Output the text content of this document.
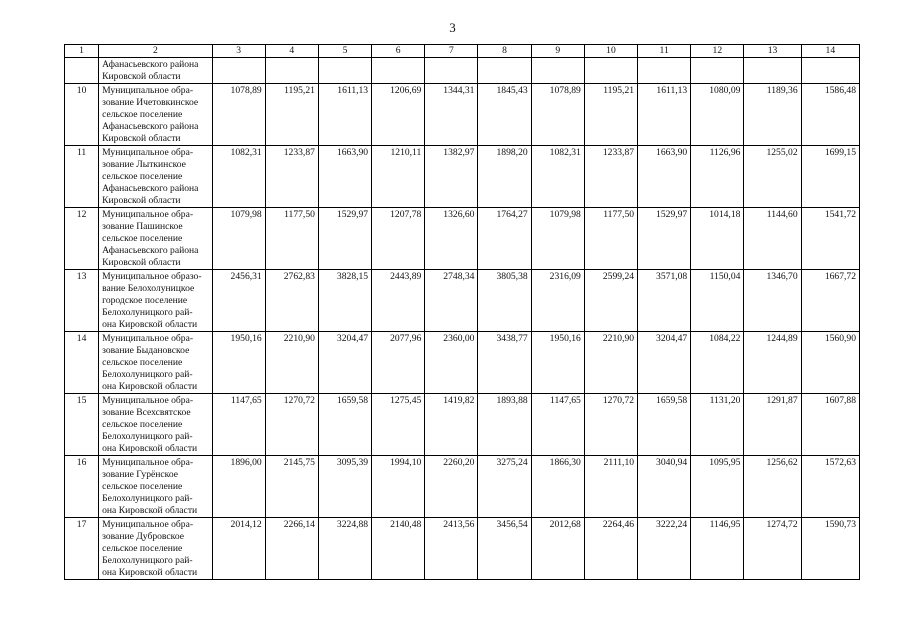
3
1	2	3	4	5	6	7	8	9	10	11	12	13	14

	Афанасьевского района
Кировской области												

10	Муниципальное обра-
зование Ичетовкинское
сельское поселение
Афанасьевского района
Кировской области	1078,89	1195,21	1611,13	1206,69	1344,31	1845,43	1078,89	1195,21	1611,13	1080,09	1189,36	1586,48
11	Муниципальное обра-
зование Лыткинское
сельское поселение
Афанасьевского района
Кировской области	1082,31	1233,87	1663,90	1210,11	1382,97	1898,20	1082,31	1233,87	1663,90	1126,96	1255,02	1699,15
12	Муниципальное обра-
зование Пашинское
сельское поселение
Афанасьевского района
Кировской области	1079,98	1177,50	1529,97	1207,78	1326,60	1764,27	1079,98	1177,50	1529,97	1014,18	1144,60	1541,72
13	Муниципальное образо-
вание Белохолуницкое
городское поселение
Белохолуницкого рай-
она Кировской области	2456,31	2762,83	3828,15	2443,89	2748,34	3805,38	2316,09	2599,24	3571,08	1150,04	1346,70	1667,72
14	Муниципальное обра-
зование Быдановское
сельское поселение
Белохолуницкого рай-
она Кировской области	1950,16	2210,90	3204,47	2077,96	2360,00	3438,77	1950,16	2210,90	3204,47	1084,22	1244,89	1560,90
15	Муниципальное обра-
зование Всехсвятское
сельское поселение
Белохолуницкого рай-
она Кировской области	1147,65	1270,72	1659,58	1275,45	1419,82	1893,88	1147,65	1270,72	1659,58	1131,20	1291,87	1607,88
16	Муниципальное обра-
зование Гурёнское
сельское поселение
Белохолуницкого рай-
она Кировской области	1896,00	2145,75	3095,39	1994,10	2260,20	3275,24	1866,30	2111,10	3040,94	1095,95	1256,62	1572,63
17	Муниципальное обра-
зование Дубровское
сельское поселение
Белохолуницкого рай-
она Кировской области	2014,12	2266,14	3224,88	2140,48	2413,56	3456,54	2012,68	2264,46	3222,24	1146,95	1274,72	1590,73
